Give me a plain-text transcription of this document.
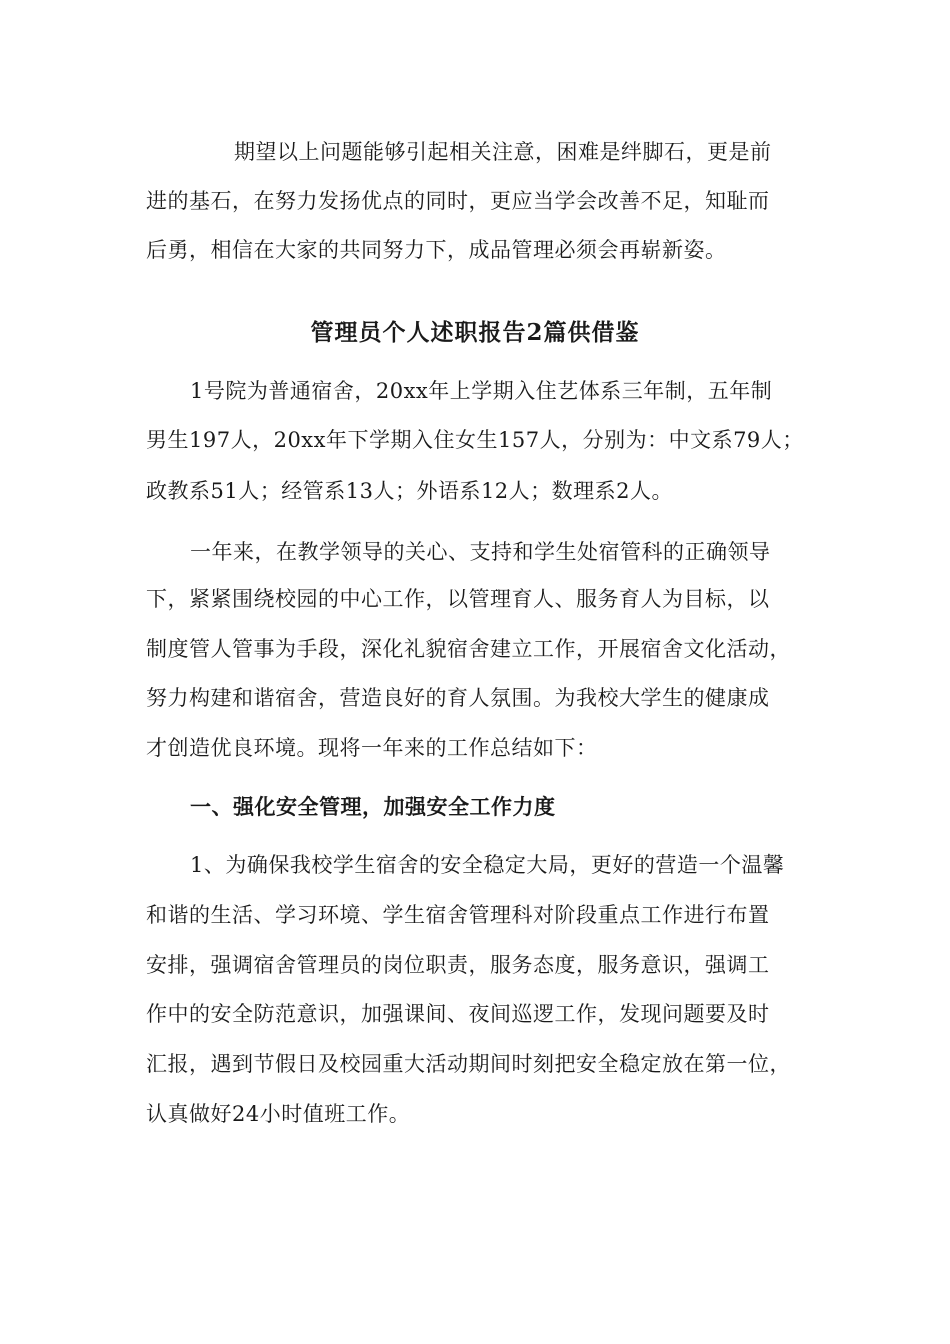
期望以上问题能够引起相关注意，困难是绊脚石，更是前
进的基石，在努力发扬优点的同时，更应当学会改善不足，知耻而
后勇，相信在大家的共同努力下，成品管理必须会再崭新姿。
管理员个人述职报告2篇供借鉴
1号院为普通宿舍，20xx年上学期入住艺体系三年制，五年制
男生197人，20xx年下学期入住女生157人，分别为：中文系79人；
政教系51人；经管系13人；外语系12人；数理系2人。
一年来，在教学领导的关心、支持和学生处宿管科的正确领导
下，紧紧围绕校园的中心工作，以管理育人、服务育人为目标，以
制度管人管事为手段，深化礼貌宿舍建立工作，开展宿舍文化活动，
努力构建和谐宿舍，营造良好的育人氛围。为我校大学生的健康成
才创造优良环境。现将一年来的工作总结如下：
一、强化安全管理，加强安全工作力度
1、为确保我校学生宿舍的安全稳定大局，更好的营造一个温馨
和谐的生活、学习环境、学生宿舍管理科对阶段重点工作进行布置
安排，强调宿舍管理员的岗位职责，服务态度，服务意识，强调工
作中的安全防范意识，加强课间、夜间巡逻工作，发现问题要及时
汇报，遇到节假日及校园重大活动期间时刻把安全稳定放在第一位，
认真做好24小时值班工作。
